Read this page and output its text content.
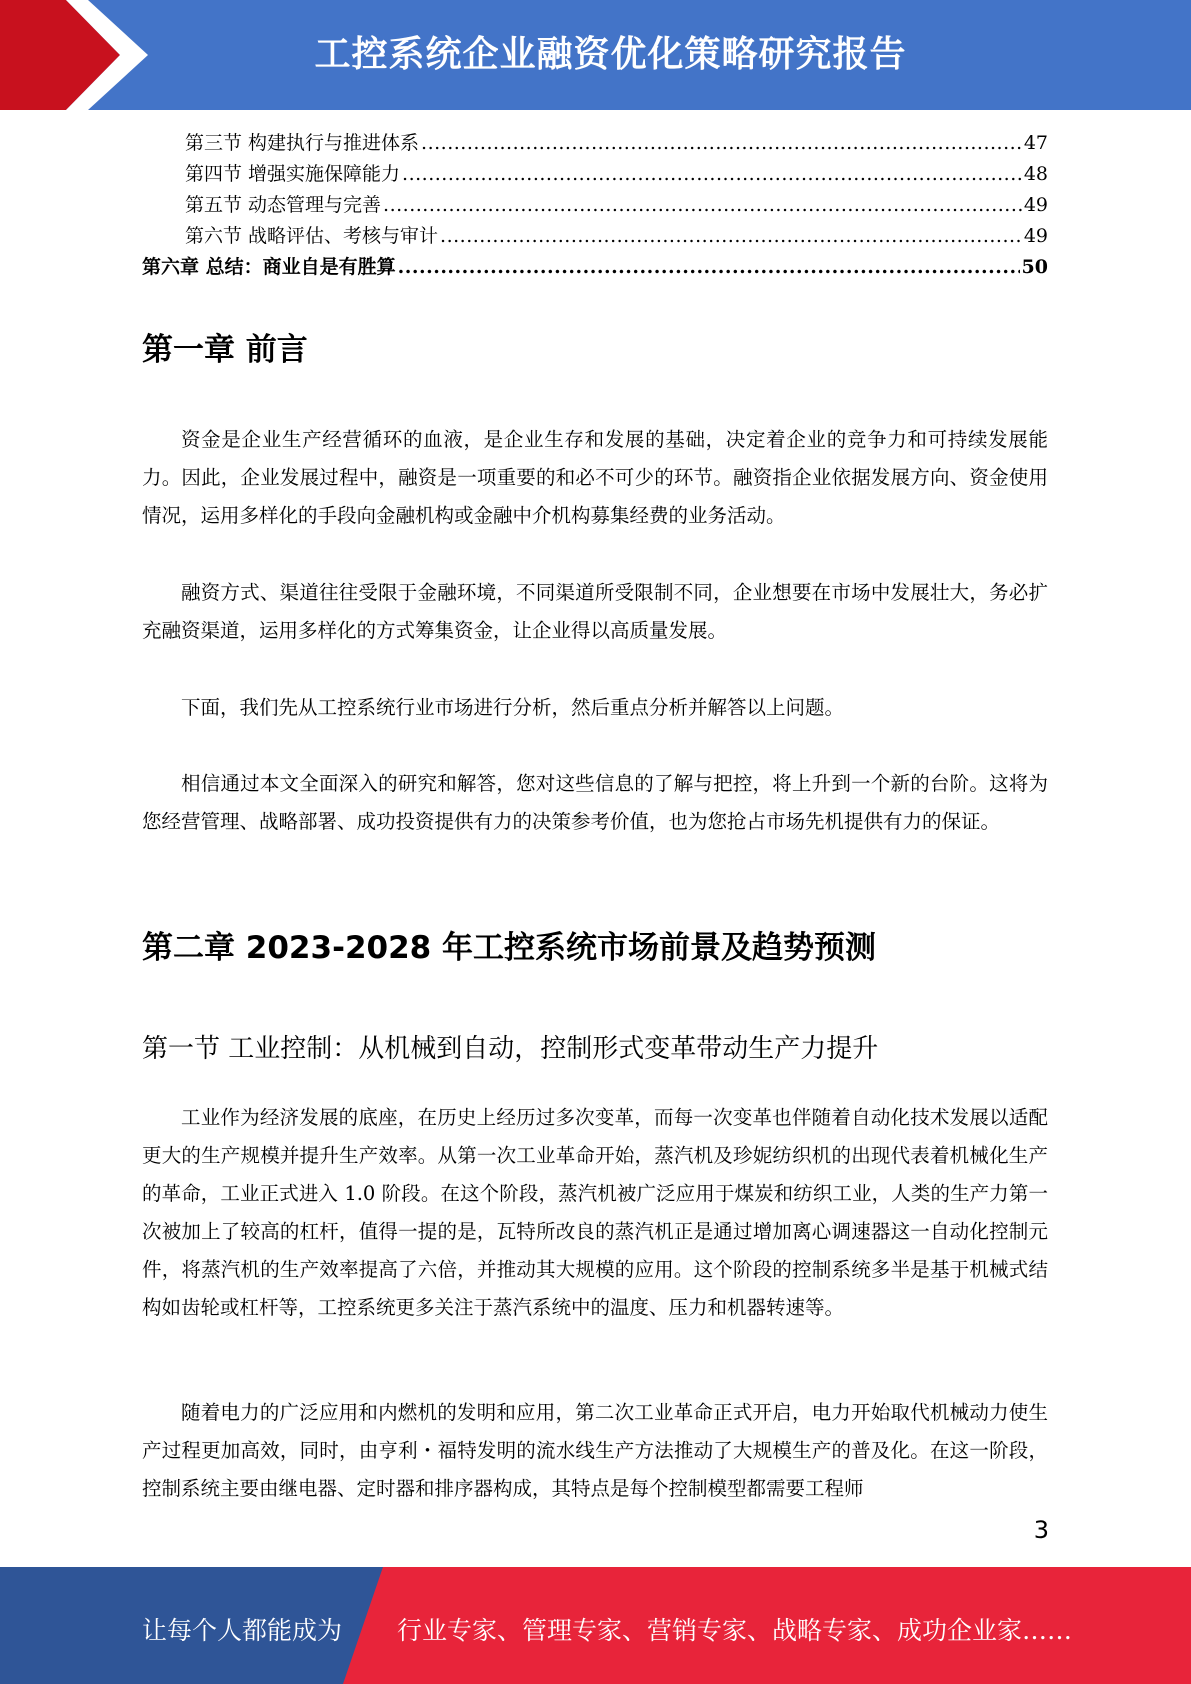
工控系统企业融资优化策略研究报告
第三节 构建执行与推进体系 .....	47
第四节 增强实施保障能力 .....	48
第五节 动态管理与完善 .....	49
第六节 战略评估、考核与审计 .....	49
第六章 总结：商业自是有胜算 .....	50
第一章 前言

资金是企业生产经营循环的血液，是企业生存和发展的基础，决定着企业的竞争力和可持续发展能力。因此，企业发展过程中，融资是一项重要的和必不可少的环节。融资指企业依据发展方向、资金使用情况，运用多样化的手段向金融机构或金融中介机构募集经费的业务活动。

融资方式、渠道往往受限于金融环境，不同渠道所受限制不同，企业想要在市场中发展壮大，务必扩充融资渠道，运用多样化的方式筹集资金，让企业得以高质量发展。

下面，我们先从工控系统行业市场进行分析，然后重点分析并解答以上问题。

相信通过本文全面深入的研究和解答，您对这些信息的了解与把控，将上升到一个新的台阶。这将为您经营管理、战略部署、成功投资提供有力的决策参考价值，也为您抢占市场先机提供有力的保证。

第二章 2023-2028 年工控系统市场前景及趋势预测
第一节 工业控制：从机械到自动，控制形式变革带动生产力提升

工业作为经济发展的底座，在历史上经历过多次变革，而每一次变革也伴随着自动化技术发展以适配更大的生产规模并提升生产效率。从第一次工业革命开始，蒸汽机及珍妮纺织机的出现代表着机械化生产的革命，工业正式进入 1.0 阶段。在这个阶段，蒸汽机被广泛应用于煤炭和纺织工业，人类的生产力第一次被加上了较高的杠杆，值得一提的是，瓦特所改良的蒸汽机正是通过增加离心调速器这一自动化控制元件，将蒸汽机的生产效率提高了六倍，并推动其大规模的应用。这个阶段的控制系统多半是基于机械式结构如齿轮或杠杆等，工控系统更多关注于蒸汽系统中的温度、压力和机器转速等。

随着电力的广泛应用和内燃机的发明和应用，第二次工业革命正式开启，电力开始取代机械动力使生产过程更加高效，同时，由亨利・福特发明的流水线生产方法推动了大规模生产的普及化。在这一阶段，控制系统主要由继电器、定时器和排序器构成，其特点是每个控制模型都需要工程师

3
让每个人都能成为 行业专家、管理专家、营销专家、战略专家、成功企业家……
